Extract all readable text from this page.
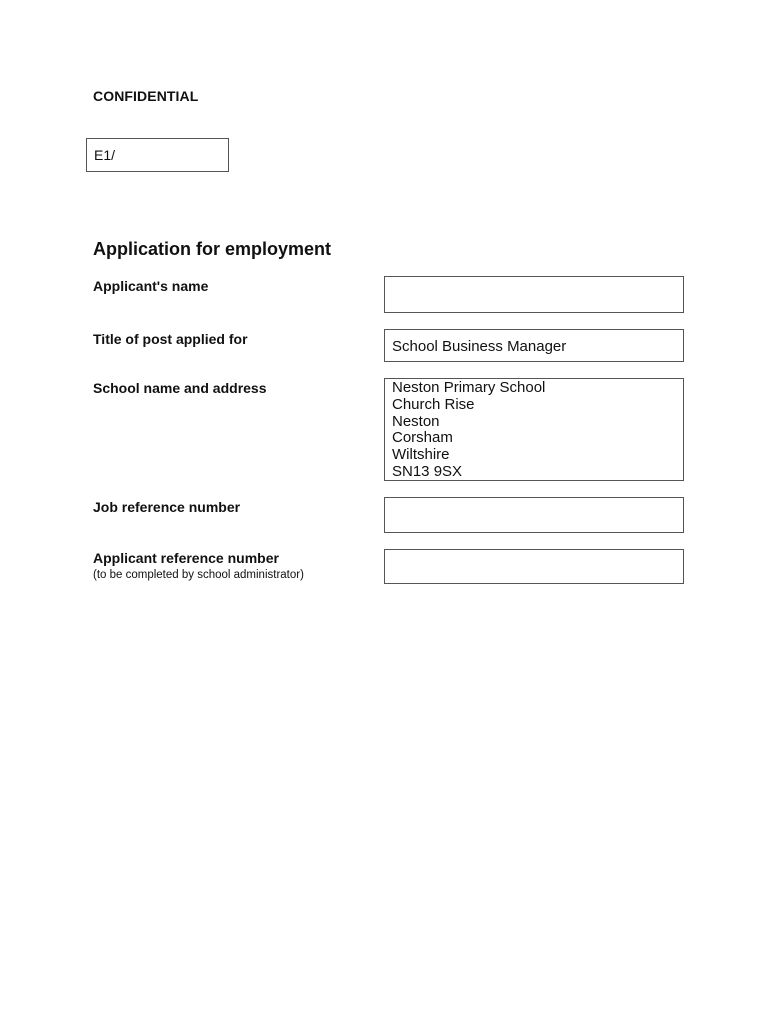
CONFIDENTIAL
E1/
Application for employment
Applicant's name
Title of post applied for	School Business Manager
School name and address	Neston Primary School
Church Rise
Neston
Corsham
Wiltshire
SN13 9SX
Job reference number
Applicant reference number
(to be completed by school administrator)
